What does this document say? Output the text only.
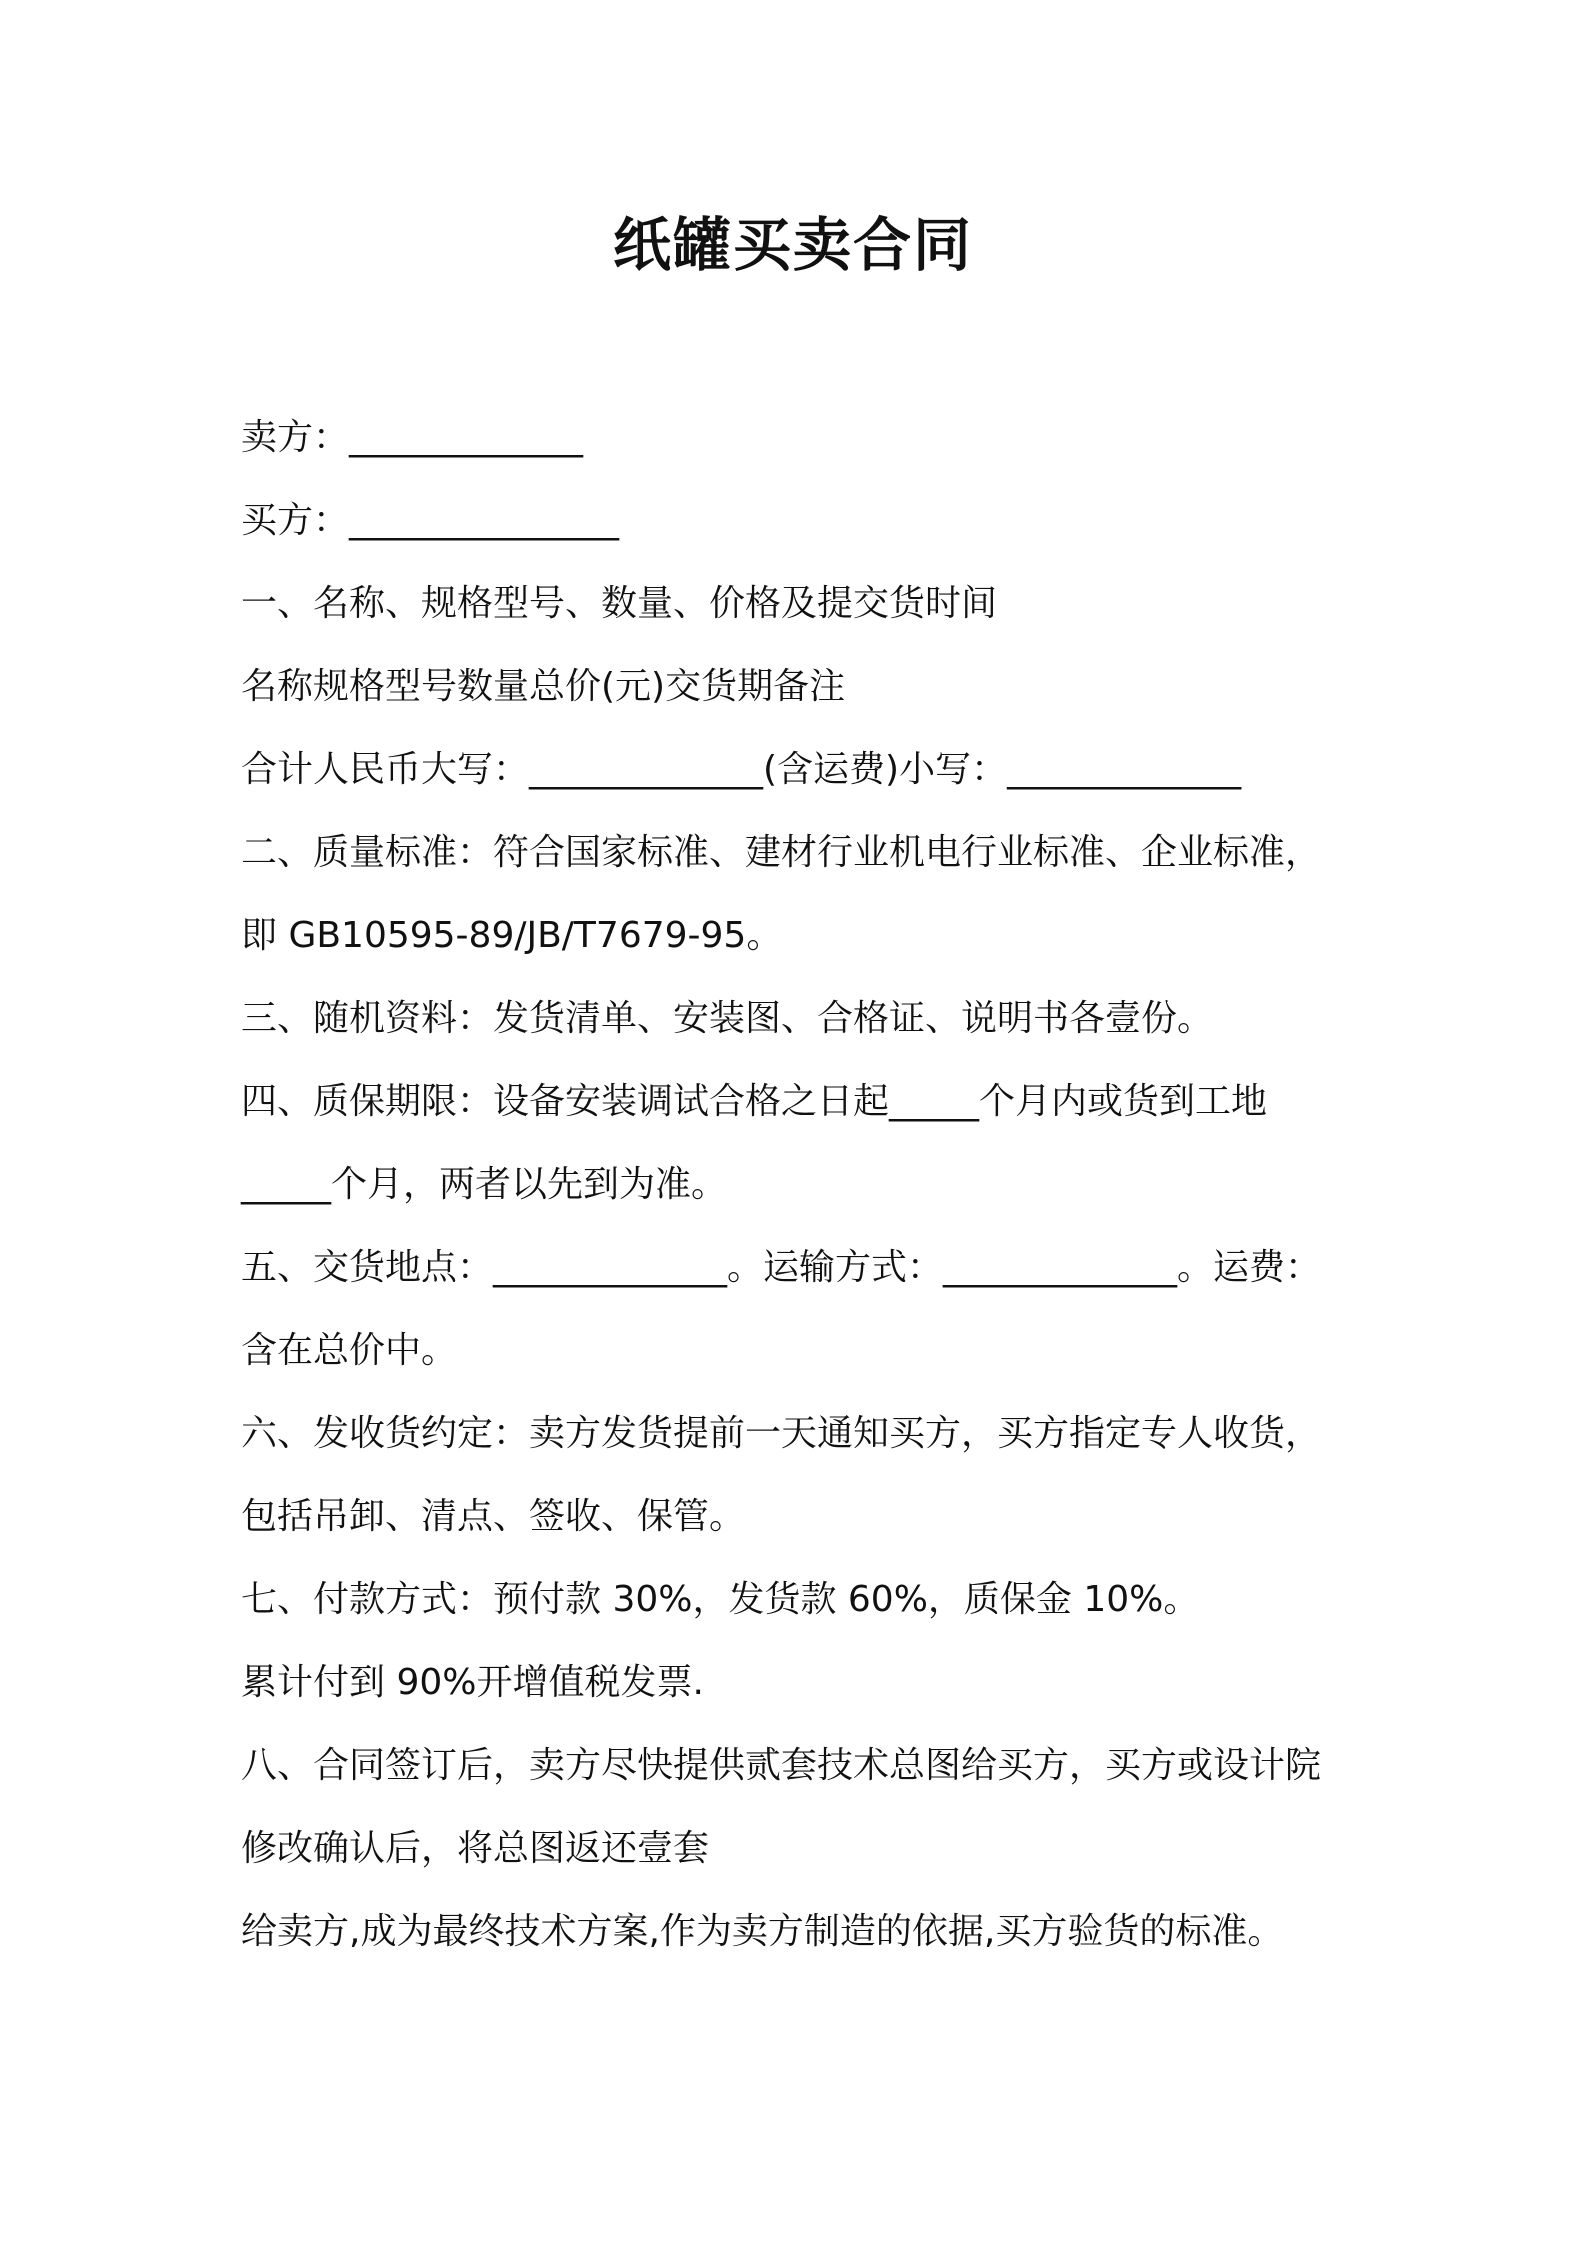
纸罐买卖合同
卖方：_____________
买方：_______________
一、名称、规格型号、数量、价格及提交货时间
名称规格型号数量总价(元)交货期备注
合计人民币大写：_____________(含运费)小写：_____________
二、质量标准：符合国家标准、建材行业机电行业标准、企业标准，
即 GB10595-89/JB/T7679-95。
三、随机资料：发货清单、安装图、合格证、说明书各壹份。
四、质保期限：设备安装调试合格之日起_____个月内或货到工地
_____个月，两者以先到为准。
五、交货地点：_____________。运输方式：_____________。运费：
含在总价中。
六、发收货约定：卖方发货提前一天通知买方，买方指定专人收货，
包括吊卸、清点、签收、保管。
七、付款方式：预付款 30%，发货款 60%，质保金 10%。
累计付到 90%开增值税发票.
八、合同签订后，卖方尽快提供贰套技术总图给买方，买方或设计院
修改确认后，将总图返还壹套
给卖方,成为最终技术方案,作为卖方制造的依据,买方验货的标准。
